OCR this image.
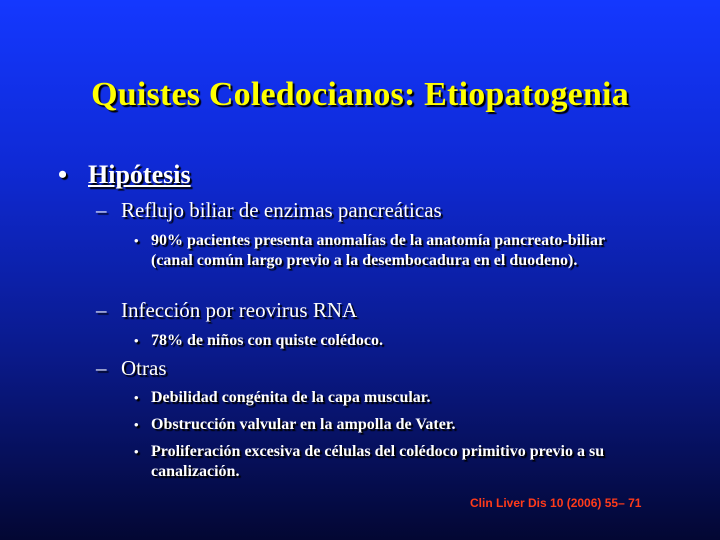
Quistes Coledocianos: Etiopatogenia
• Hipótesis
– Reflujo biliar de enzimas pancreáticas
• 90% pacientes presenta anomalías de la anatomía pancreato-biliar (canal común largo previo a la desembocadura en el duodeno).
– Infección por reovirus RNA
• 78% de niños con quiste colédoco.
– Otras
• Debilidad congénita de la capa muscular.
• Obstrucción valvular en la ampolla de Vater.
• Proliferación excesiva de células del colédoco primitivo previo a su canalización.
Clin Liver Dis 10 (2006) 55– 71
